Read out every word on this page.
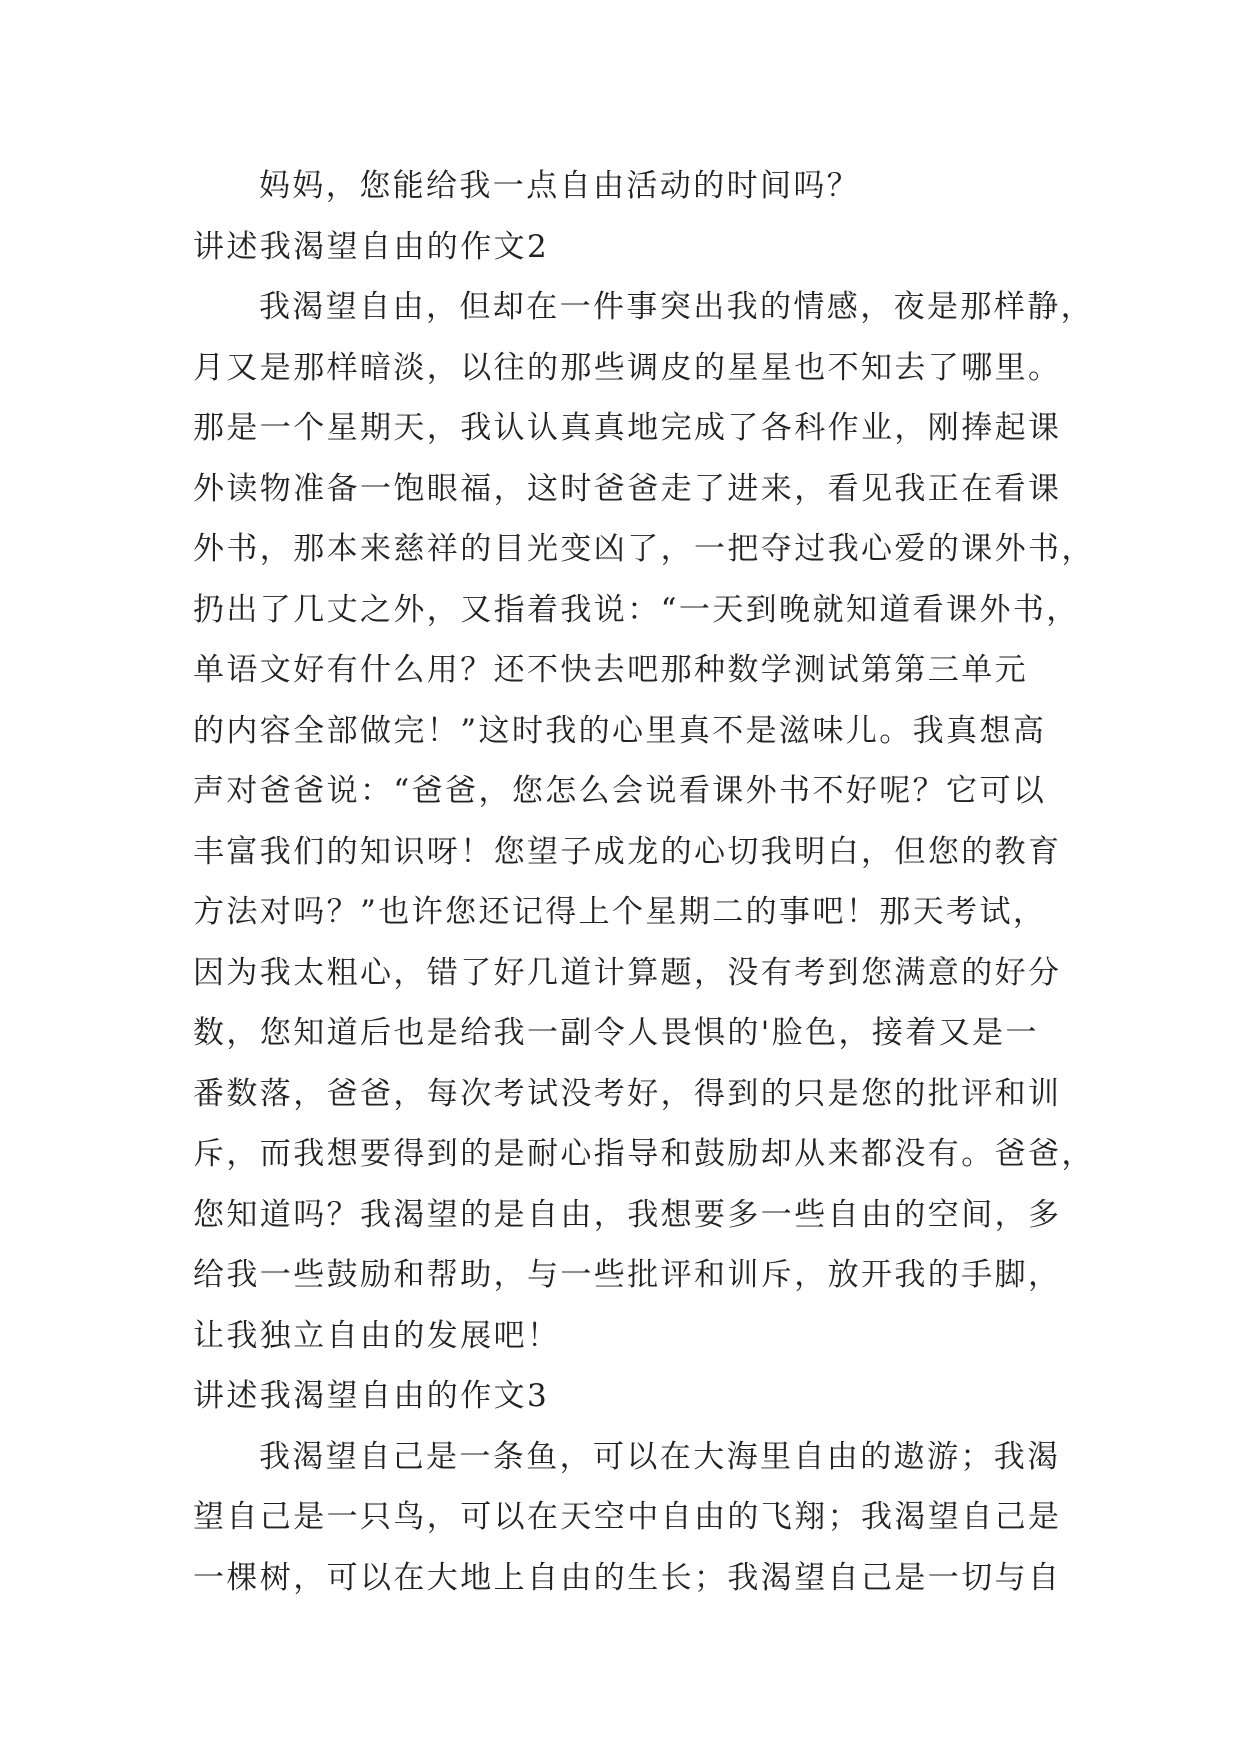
妈妈，您能给我一点自由活动的时间吗？

讲述我渴望自由的作文2

我渴望自由，但却在一件事突出我的情感，夜是那样静，

月又是那样暗淡，以往的那些调皮的星星也不知去了哪里。

那是一个星期天，我认认真真地完成了各科作业，刚捧起课

外读物准备一饱眼福，这时爸爸走了进来，看见我正在看课

外书，那本来慈祥的目光变凶了，一把夺过我心爱的课外书，

扔出了几丈之外，又指着我说：“一天到晚就知道看课外书，

单语文好有什么用？还不快去吧那种数学测试第第三单元

的内容全部做完！”这时我的心里真不是滋味儿。我真想高

声对爸爸说：“爸爸，您怎么会说看课外书不好呢？它可以

丰富我们的知识呀！您望子成龙的心切我明白，但您的教育

方法对吗？”也许您还记得上个星期二的事吧！那天考试，

因为我太粗心，错了好几道计算题，没有考到您满意的好分

数，您知道后也是给我一副令人畏惧的'脸色，接着又是一

番数落，爸爸，每次考试没考好，得到的只是您的批评和训

斥，而我想要得到的是耐心指导和鼓励却从来都没有。爸爸，

您知道吗？我渴望的是自由，我想要多一些自由的空间，多

给我一些鼓励和帮助，与一些批评和训斥，放开我的手脚，

让我独立自由的发展吧！

讲述我渴望自由的作文3

我渴望自己是一条鱼，可以在大海里自由的遨游；我渴

望自己是一只鸟，可以在天空中自由的飞翔；我渴望自己是

一棵树，可以在大地上自由的生长；我渴望自己是一切与自
